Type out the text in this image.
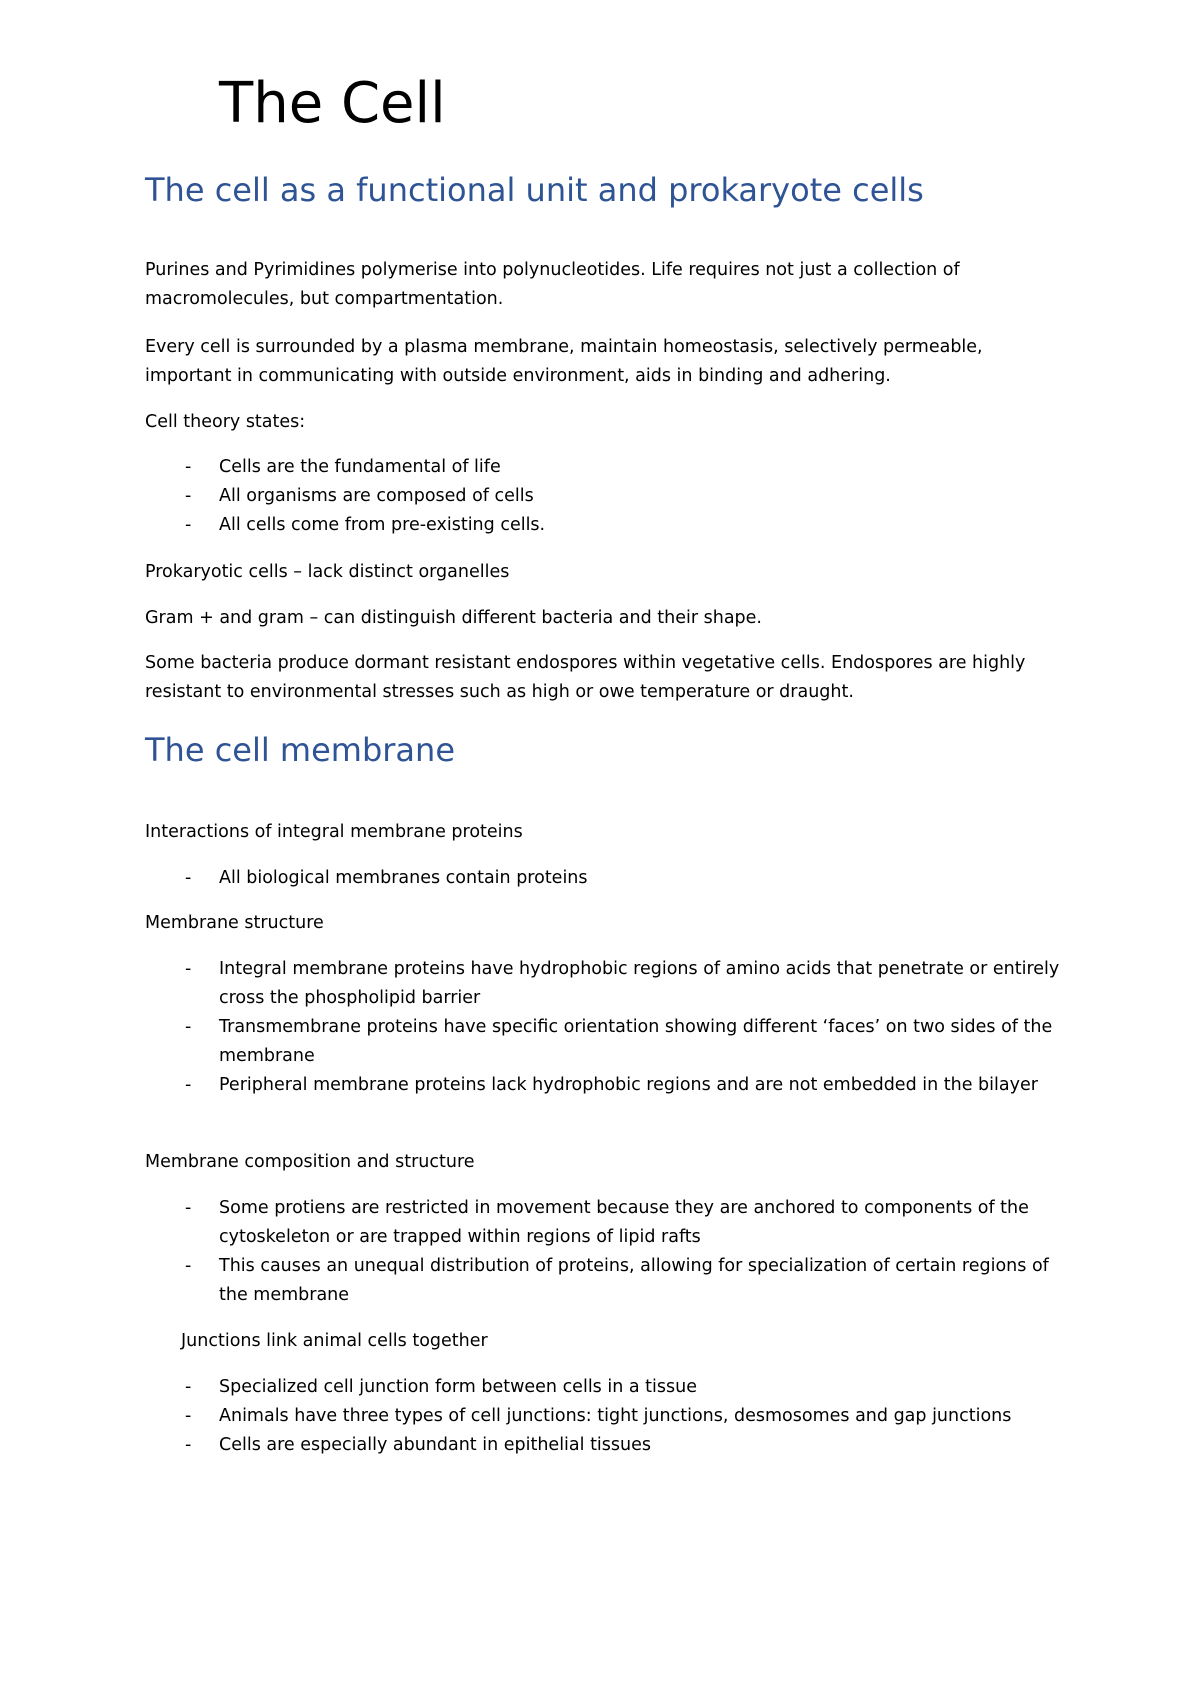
The Cell
The cell as a functional unit and prokaryote cells

Purines and Pyrimidines polymerise into polynucleotides. Life requires not just a collection of

macromolecules, but compartmentation.

Every cell is surrounded by a plasma membrane, maintain homeostasis, selectively permeable,

important in communicating with outside environment, aids in binding and adhering.

Cell theory states:

- Cells are the fundamental of life
- All organisms are composed of cells
- All cells come from pre-existing cells.

Prokaryotic cells – lack distinct organelles

Gram + and gram – can distinguish different bacteria and their shape.

Some bacteria produce dormant resistant endospores within vegetative cells. Endospores are highly

resistant to environmental stresses such as high or owe temperature or draught.

The cell membrane

Interactions of integral membrane proteins

- All biological membranes contain proteins

Membrane structure

- Integral membrane proteins have hydrophobic regions of amino acids that penetrate or entirely cross the phospholipid barrier
- Transmembrane proteins have specific orientation showing different ‘faces’ on two sides of the membrane
- Peripheral membrane proteins lack hydrophobic regions and are not embedded in the bilayer

Membrane composition and structure

- Some protiens are restricted in movement because they are anchored to components of the cytoskeleton or are trapped within regions of lipid rafts
- This causes an unequal distribution of proteins, allowing for specialization of certain regions of the membrane

Junctions link animal cells together

- Specialized cell junction form between cells in a tissue
- Animals have three types of cell junctions: tight junctions, desmosomes and gap junctions
- Cells are especially abundant in epithelial tissues
